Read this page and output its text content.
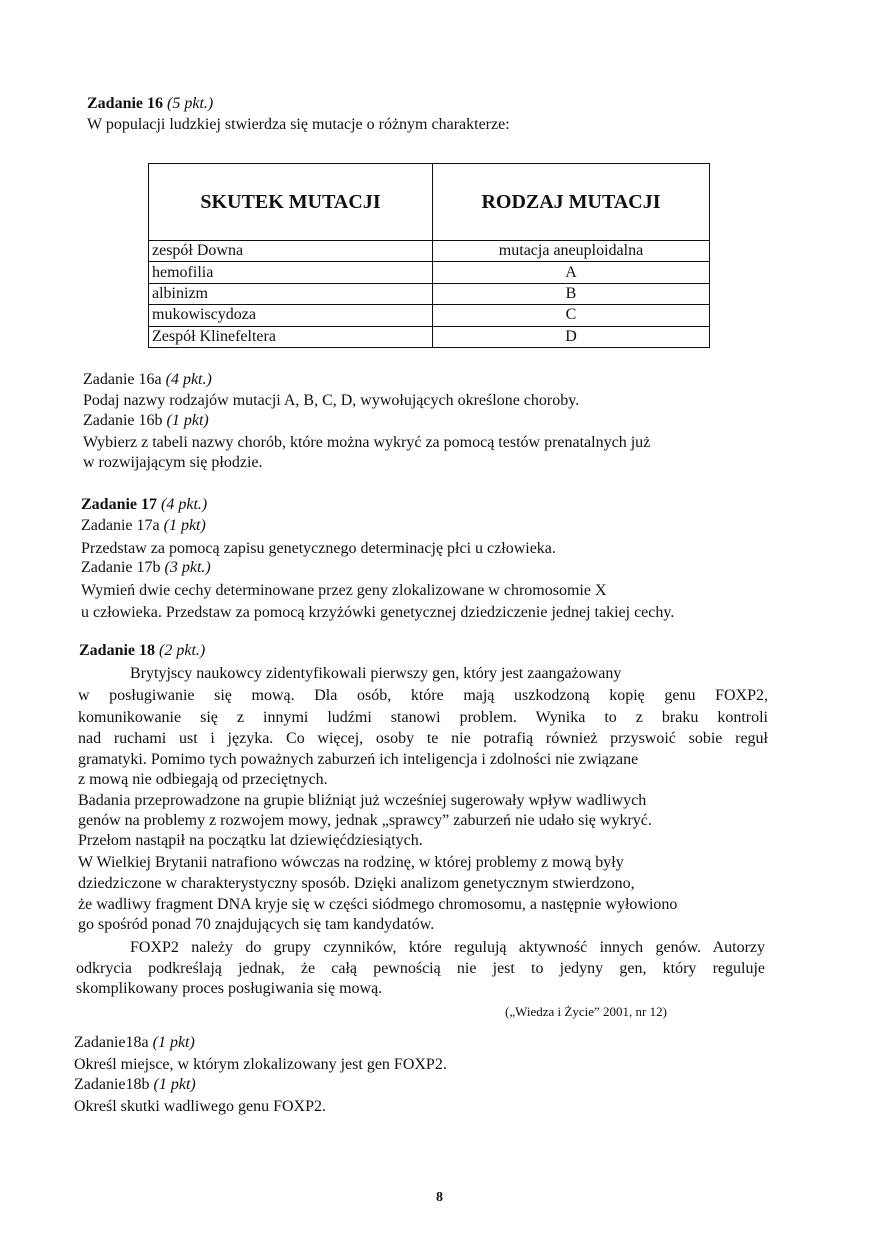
Zadanie 16 (5 pkt.)
W populacji ludzkiej stwierdza się mutacje o różnym charakterze:
SKUTEK MUTACJI	RODZAJ MUTACJI
zespół Downa	mutacja aneuploidalna
hemofilia	A
albinizm	B
mukowiscydoza	C
Zespół Klinefeltera	D
Zadanie 16a (4 pkt.)
Podaj nazwy rodzajów mutacji A, B, C, D, wywołujących określone choroby.
Zadanie 16b (1 pkt)
Wybierz z tabeli nazwy chorób, które można wykryć za pomocą testów prenatalnych już
w rozwijającym się płodzie.
Zadanie 17 (4 pkt.)
Zadanie 17a (1 pkt)
Przedstaw za pomocą zapisu genetycznego determinację płci u człowieka.
Zadanie 17b (3 pkt.)
Wymień dwie cechy determinowane przez geny zlokalizowane w chromosomie X
u człowieka. Przedstaw za pomocą krzyżówki genetycznej dziedziczenie jednej takiej cechy.
Zadanie 18 (2 pkt.)
Brytyjscy naukowcy zidentyfikowali pierwszy gen, który jest zaangażowany
w posługiwanie się mową. Dla osób, które mają uszkodzoną kopię genu FOXP2,
komunikowanie się z innymi ludźmi stanowi problem. Wynika to z braku kontroli
nad ruchami ust i języka. Co więcej, osoby te nie potrafią również przyswoić sobie reguł
gramatyki. Pomimo tych poważnych zaburzeń ich inteligencja i zdolności nie związane
z mową nie odbiegają od przeciętnych.
Badania przeprowadzone na grupie bliźniąt już wcześniej sugerowały wpływ wadliwych
genów na problemy z rozwojem mowy, jednak „sprawcy” zaburzeń nie udało się wykryć.
Przełom nastąpił na początku lat dziewięćdziesiątych.
W Wielkiej Brytanii natrafiono wówczas na rodzinę, w której problemy z mową były
dziedziczone w charakterystyczny sposób. Dzięki analizom genetycznym stwierdzono,
że wadliwy fragment DNA kryje się w części siódmego chromosomu, a następnie wyłowiono
go spośród ponad 70 znajdujących się tam kandydatów.
FOXP2 należy do grupy czynników, które regulują aktywność innych genów. Autorzy
odkrycia podkreślają jednak, że całą pewnością nie jest to jedyny gen, który reguluje
skomplikowany proces posługiwania się mową.
(„Wiedza i Życie” 2001, nr 12)
Zadanie18a (1 pkt)
Określ miejsce, w którym zlokalizowany jest gen FOXP2.
Zadanie18b (1 pkt)
Określ skutki wadliwego genu FOXP2.
8
